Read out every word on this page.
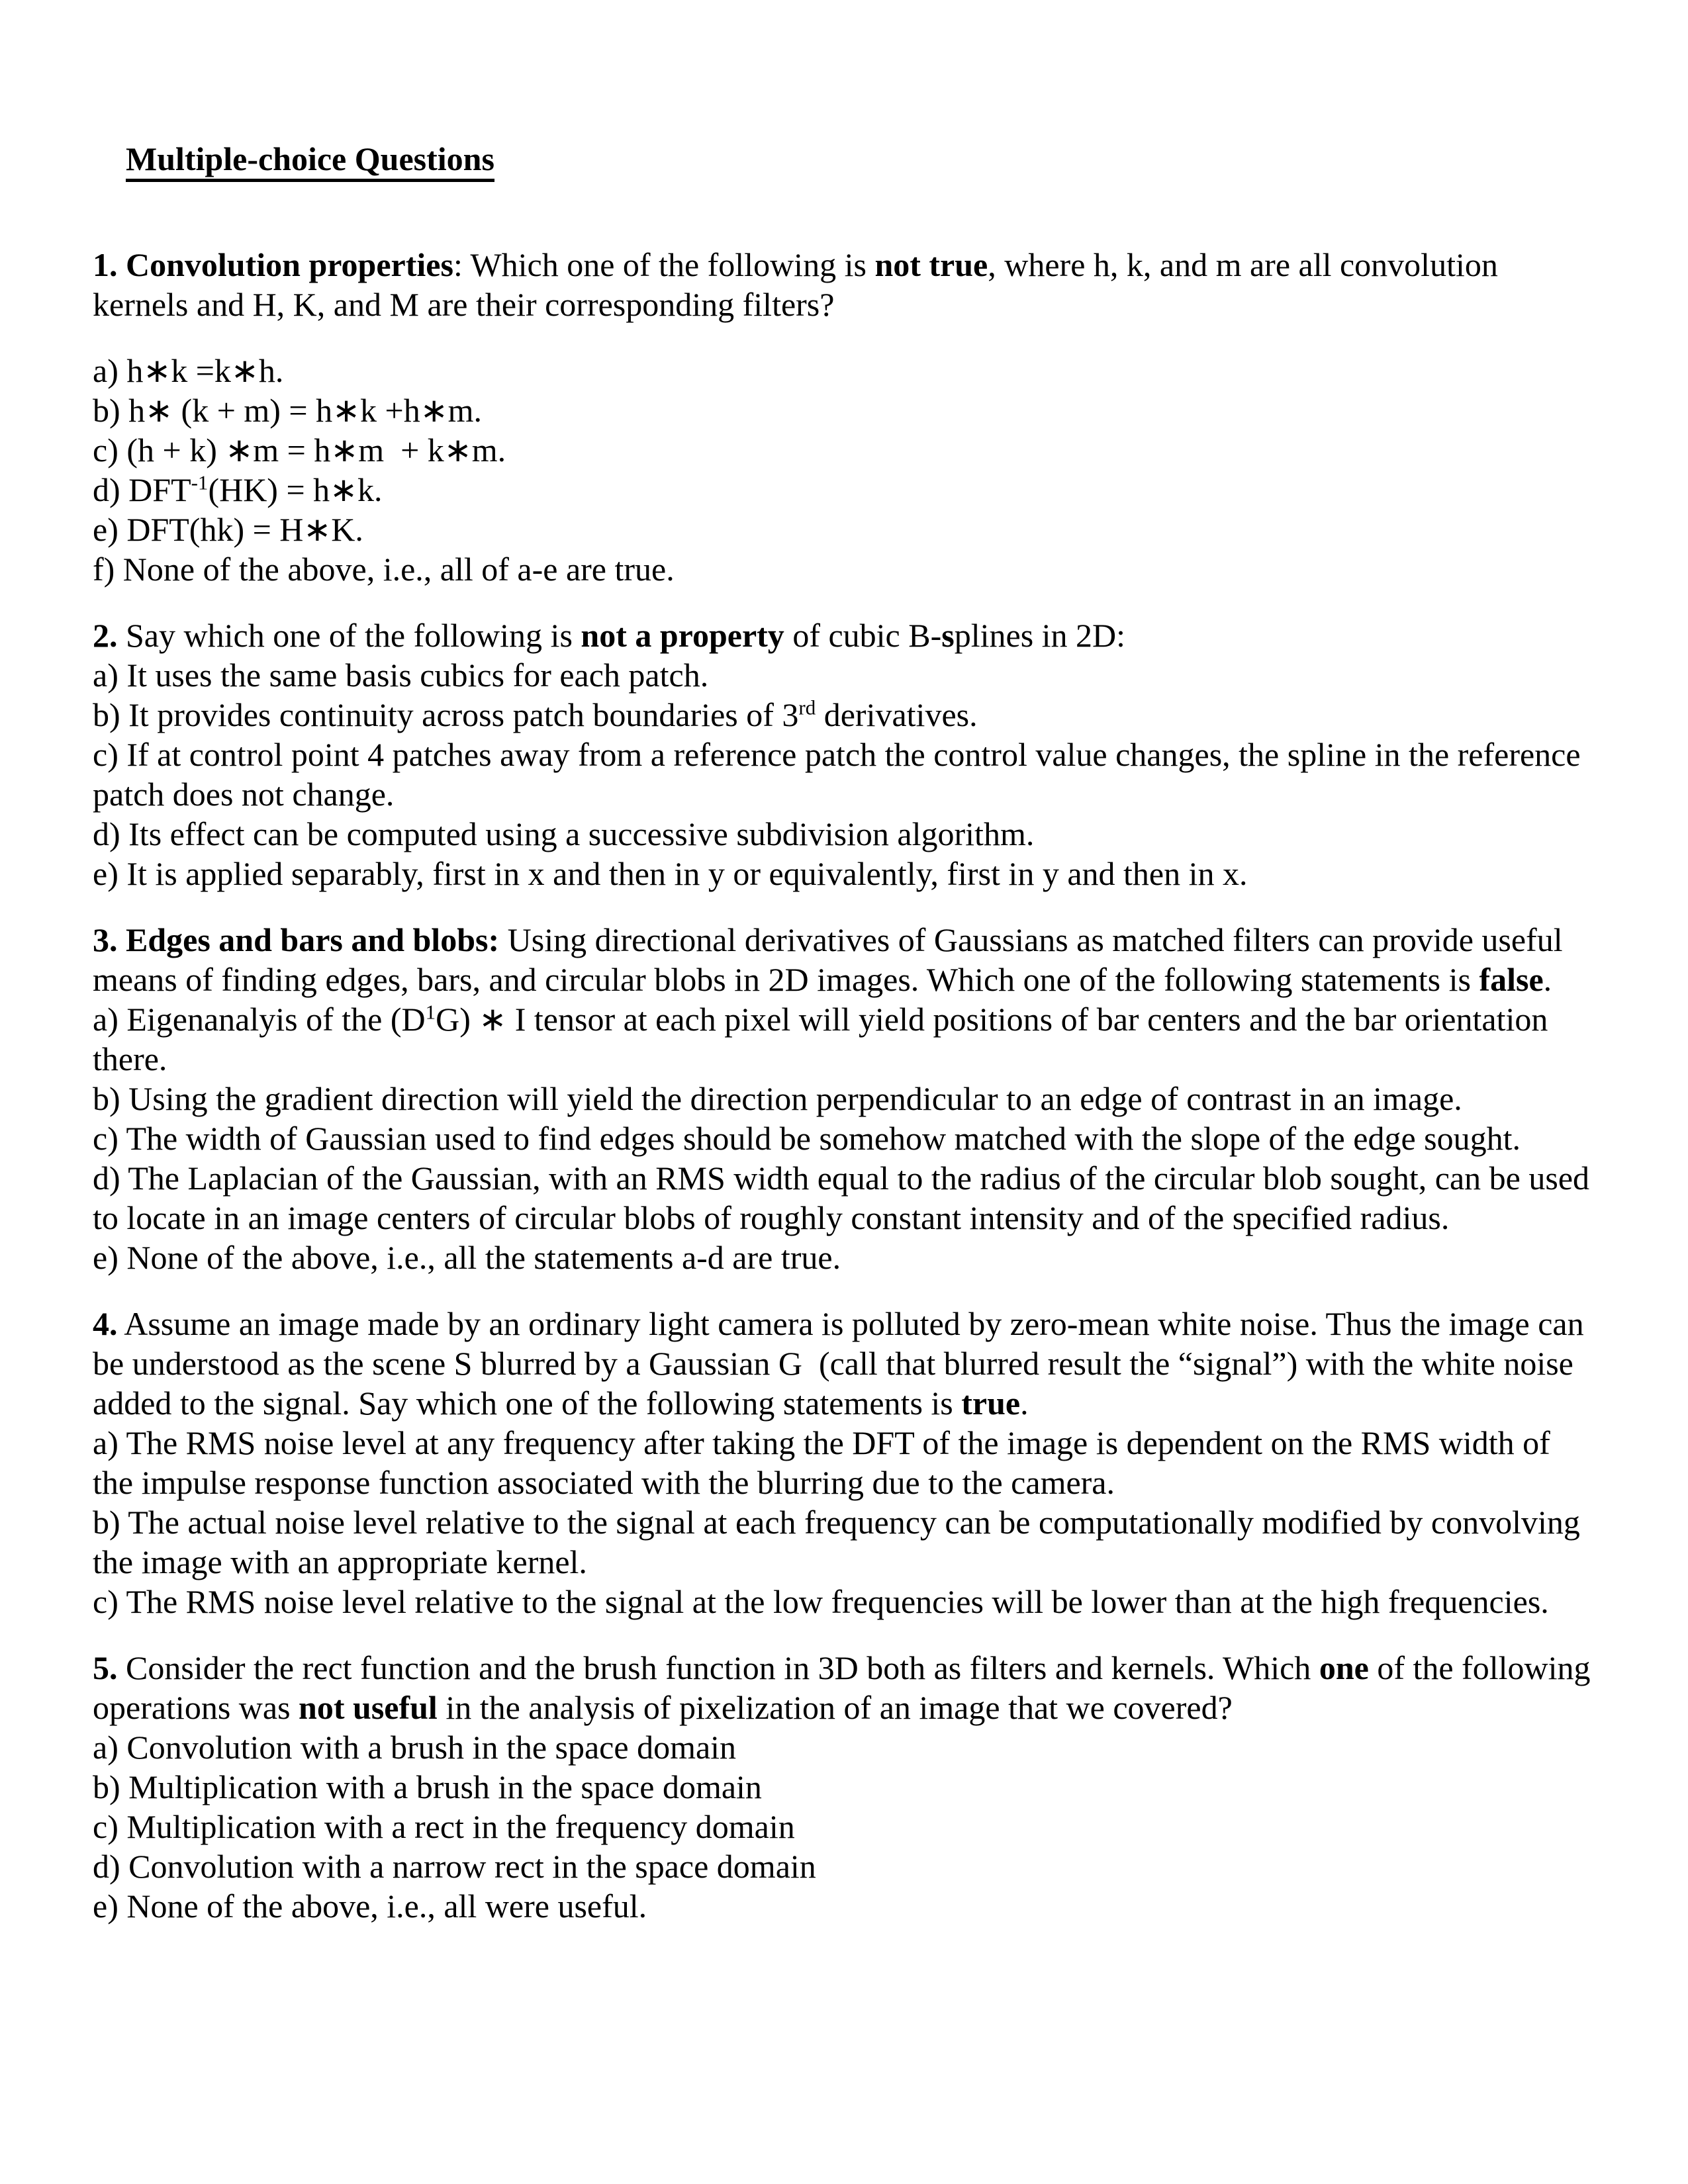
Multiple-choice Questions

1. Convolution properties: Which one of the following is not true, where h, k, and m are all convolution kernels and H, K, and M are their corresponding filters?
a) h∗k =k∗h.
b) h∗ (k + m) = h∗k +h∗m.
c) (h + k) ∗m = h∗m  + k∗m.
d) $DFT^{-1}(HK)$ = h∗k.
e) DFT(hk) = H∗K.
f) None of the above, i.e., all of a-e are true.
2. Say which one of the following is not a property of cubic B-splines in 2D:
a) It uses the same basis cubics for each patch.
b) It provides continuity across patch boundaries of 3rd derivatives.
c) If at control point 4 patches away from a reference patch the control value changes, the spline in the reference patch does not change.
d) Its effect can be computed using a successive subdivision algorithm.
e) It is applied separably, first in x and then in y or equivalently, first in y and then in x.
3. Edges and bars and blobs: Using directional derivatives of Gaussians as matched filters can provide useful means of finding edges, bars, and circular blobs in 2D images. Which one of the following statements is false.
a) Eigenanalyis of the $(D^1G)$ ∗ I tensor at each pixel will yield positions of bar centers and the bar orientation there.
b) Using the gradient direction will yield the direction perpendicular to an edge of contrast in an image.
c) The width of Gaussian used to find edges should be somehow matched with the slope of the edge sought.
d) The Laplacian of the Gaussian, with an RMS width equal to the radius of the circular blob sought, can be used to locate in an image centers of circular blobs of roughly constant intensity and of the specified radius.
e) None of the above, i.e., all the statements a-d are true.
4. Assume an image made by an ordinary light camera is polluted by zero-mean white noise. Thus the image can be understood as the scene S blurred by a Gaussian G  (call that blurred result the “signal”) with the white noise added to the signal. Say which one of the following statements is true.
a) The RMS noise level at any frequency after taking the DFT of the image is dependent on the RMS width of the impulse response function associated with the blurring due to the camera.
b) The actual noise level relative to the signal at each frequency can be computationally modified by convolving the image with an appropriate kernel.
c) The RMS noise level relative to the signal at the low frequencies will be lower than at the high frequencies.
5. Consider the rect function and the brush function in 3D both as filters and kernels. Which one of the following operations was not useful in the analysis of pixelization of an image that we covered?
a) Convolution with a brush in the space domain
b) Multiplication with a brush in the space domain
c) Multiplication with a rect in the frequency domain
d) Convolution with a narrow rect in the space domain
e) None of the above, i.e., all were useful.
